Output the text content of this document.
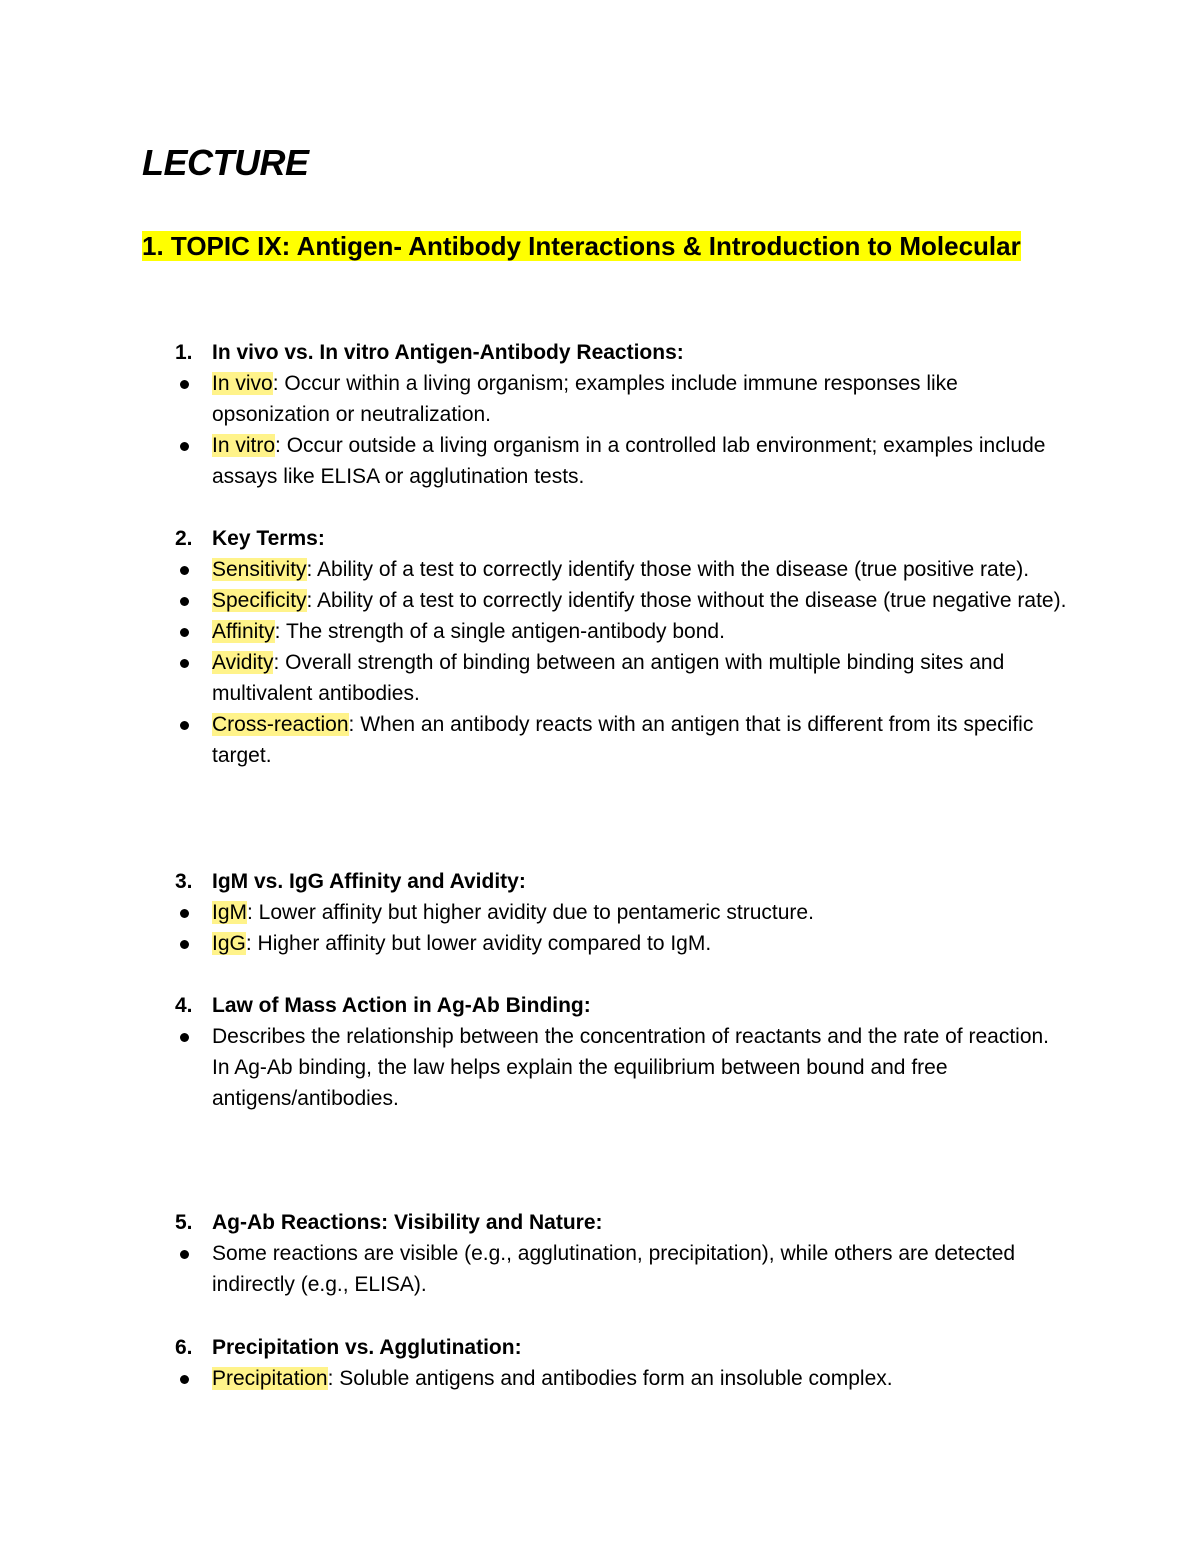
LECTURE
1. TOPIC IX: Antigen- Antibody Interactions & Introduction to Molecular
1. In vivo vs. In vitro Antigen-Antibody Reactions:
In vivo: Occur within a living organism; examples include immune responses like opsonization or neutralization.
In vitro: Occur outside a living organism in a controlled lab environment; examples include assays like ELISA or agglutination tests.
2. Key Terms:
Sensitivity: Ability of a test to correctly identify those with the disease (true positive rate).
Specificity: Ability of a test to correctly identify those without the disease (true negative rate).
Affinity: The strength of a single antigen-antibody bond.
Avidity: Overall strength of binding between an antigen with multiple binding sites and multivalent antibodies.
Cross-reaction: When an antibody reacts with an antigen that is different from its specific target.
3. IgM vs. IgG Affinity and Avidity:
IgM: Lower affinity but higher avidity due to pentameric structure.
IgG: Higher affinity but lower avidity compared to IgM.
4. Law of Mass Action in Ag-Ab Binding:
Describes the relationship between the concentration of reactants and the rate of reaction. In Ag-Ab binding, the law helps explain the equilibrium between bound and free antigens/antibodies.
5. Ag-Ab Reactions: Visibility and Nature:
Some reactions are visible (e.g., agglutination, precipitation), while others are detected indirectly (e.g., ELISA).
6. Precipitation vs. Agglutination:
Precipitation: Soluble antigens and antibodies form an insoluble complex.
